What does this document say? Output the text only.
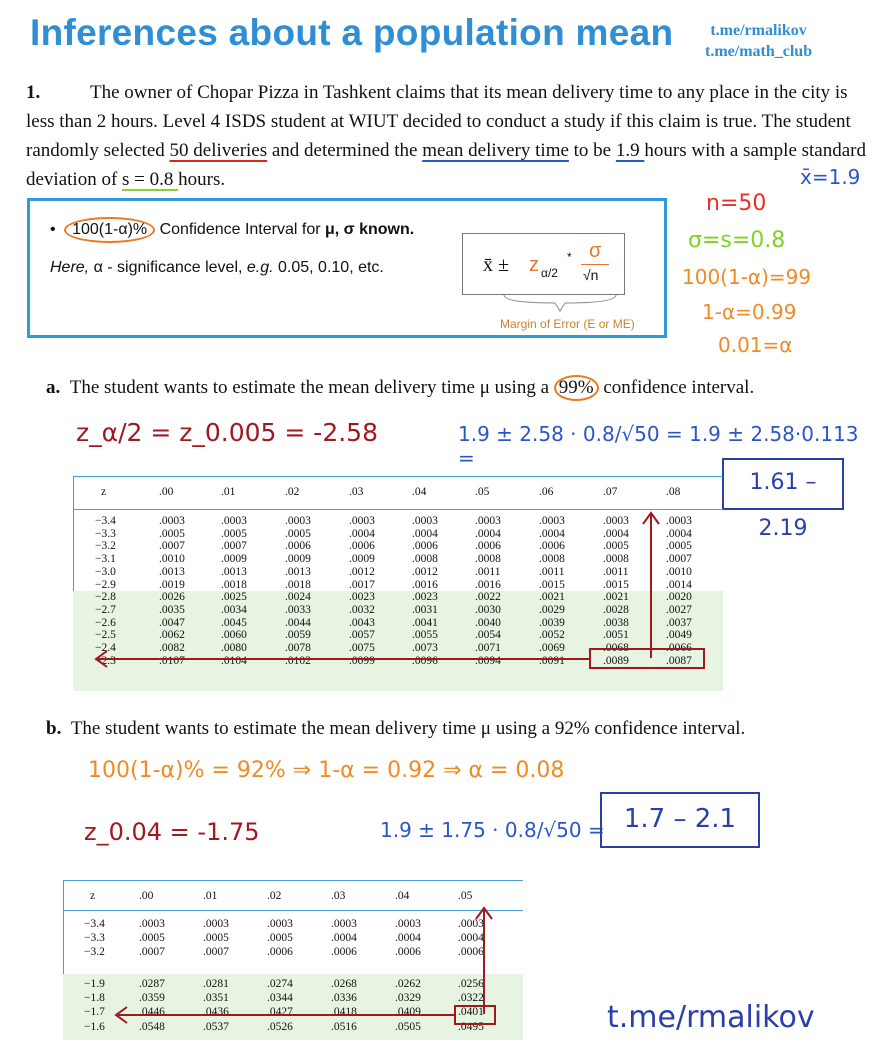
Inferences about a population mean	t.me/rmalikov
t.me/math_club

1.	The owner of Chopar Pizza in Tashkent claims that its mean delivery time to any place in the city is less than 2 hours. Level 4 ISDS student at WIUT decided to conduct a study if this claim is true. The student randomly selected 50 deliveries and determined the mean delivery time to be 1.9 hours with a sample standard deviation of s = 0.8 hours.

• 100(1-α)% Confidence Interval for μ, σ known.
Here, α - significance level, e.g. 0.05, 0.10, etc.	x̄ ± z α/2
* σ
√n
Margin of Error (E or ME)
x̄=1.9
n=50
σ=s=0.8
100(1-α)=99
1-α=0.99
0.01=α
a. The student wants to estimate the mean delivery time μ using a 99% confidence interval.
z_α/2 = z_0.005 = -2.58	1.9 ± 2.58 · 0.8/√50 = 1.9 ± 2.58·0.113 =
1.61 – 2.19
z	.00	.01	.02	.03	.04	.05	.06	.07	.08
−3.4	.0003	.0003	.0003	.0003	.0003	.0003	.0003	.0003	.0003
−3.3	.0005	.0005	.0005	.0004	.0004	.0004	.0004	.0004	.0004
−3.2	.0007	.0007	.0006	.0006	.0006	.0006	.0006	.0005	.0005
−3.1	.0010	.0009	.0009	.0009	.0008	.0008	.0008	.0008	.0007
−3.0	.0013	.0013	.0013	.0012	.0012	.0011	.0011	.0011	.0010
−2.9	.0019	.0018	.0018	.0017	.0016	.0016	.0015	.0015	.0014
−2.8	.0026	.0025	.0024	.0023	.0023	.0022	.0021	.0021	.0020
−2.7	.0035	.0034	.0033	.0032	.0031	.0030	.0029	.0028	.0027
−2.6	.0047	.0045	.0044	.0043	.0041	.0040	.0039	.0038	.0037
−2.5	.0062	.0060	.0059	.0057	.0055	.0054	.0052	.0051	.0049
−2.4	.0082	.0080	.0078	.0075	.0073	.0071	.0069	.0068	.0066
−2.3	.0107	.0104	.0102	.0099	.0096	.0094	.0091	.0089	.0087
b. The student wants to estimate the mean delivery time μ using a 92% confidence interval.
100(1-α)% = 92% ⇒ 1-α = 0.92 ⇒ α = 0.08
z_0.04 = -1.75	1.9 ± 1.75 · 0.8/√50 = 1.7 – 2.1
z	.00	.01	.02	.03	.04	.05
−3.4	.0003	.0003	.0003	.0003	.0003	.0003
−3.3	.0005	.0005	.0005	.0004	.0004	.0004
−3.2	.0007	.0007	.0006	.0006	.0006	.0006
−1.9	.0287	.0281	.0274	.0268	.0262	.0256
−1.8	.0359	.0351	.0344	.0336	.0329	.0322
−1.7	.0446	.0436	.0427	.0418	.0409	.0401
−1.6	.0548	.0537	.0526	.0516	.0505	.0495	t.me/rmalikov
